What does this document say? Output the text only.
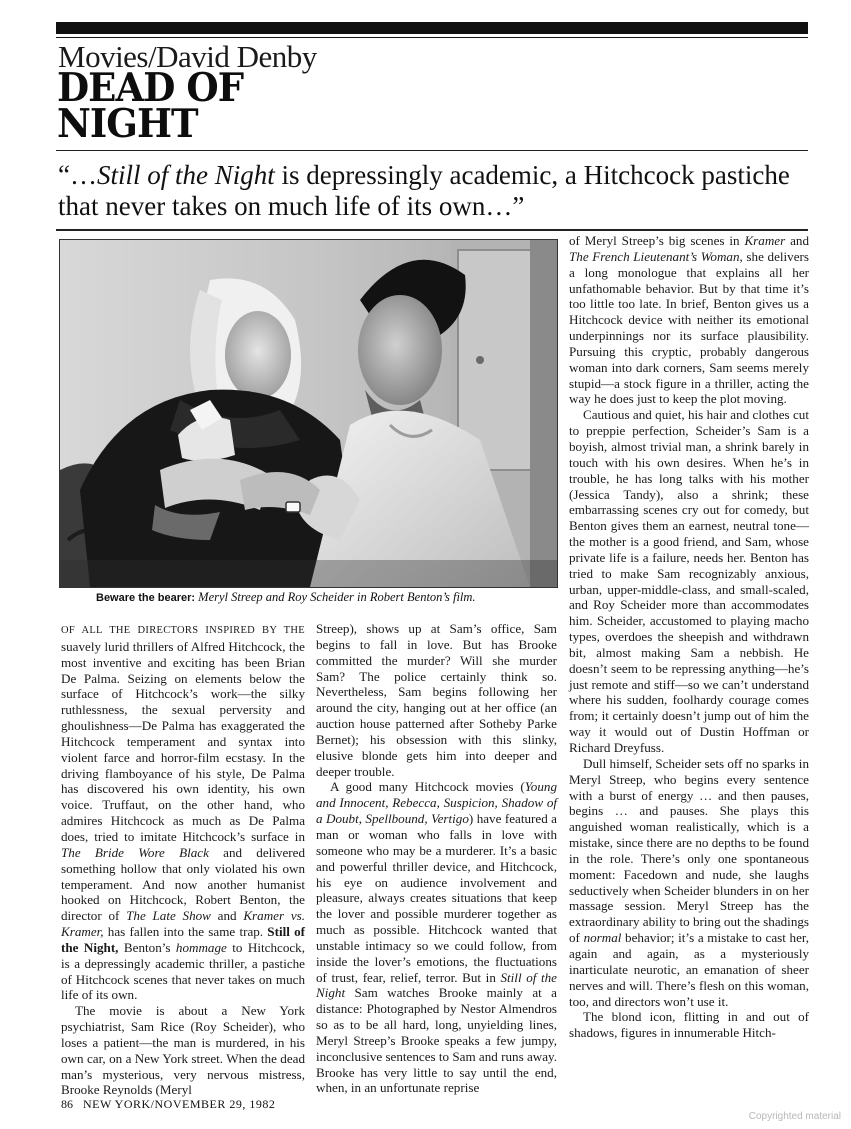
Movies/David Denby
DEAD OF
NIGHT

“…Still of the Night is depressingly academic, a Hitchcock pastiche that never takes on much life of its own…”

Beware the bearer: Meryl Streep and Roy Scheider in Robert Benton’s film.

OF ALL THE DIRECTORS INSPIRED BY THE suavely lurid thrillers of Alfred Hitchcock, the most inventive and exciting has been Brian De Palma. Seizing on elements below the surface of Hitchcock’s work—the silky ruthlessness, the sexual perversity and ghoulishness—De Palma has exaggerated the Hitchcock temperament and syntax into violent farce and horror-film ecstasy. In the driving flamboyance of his style, De Palma has discovered his own identity, his own voice. Truffaut, on the other hand, who admires Hitchcock as much as De Palma does, tried to imitate Hitchcock’s surface in The Bride Wore Black and delivered something hollow that only violated his own temperament. And now another humanist hooked on Hitchcock, Robert Benton, the director of The Late Show and Kramer vs. Kramer, has fallen into the same trap. Still of the Night, Benton’s hommage to Hitchcock, is a depressingly academic thriller, a pastiche of Hitchcock scenes that never takes on much life of its own.

The movie is about a New York psychiatrist, Sam Rice (Roy Scheider), who loses a patient—the man is murdered, in his own car, on a New York street. When the dead man’s mysterious, very nervous mistress, Brooke Reynolds (Meryl

Streep), shows up at Sam’s office, Sam begins to fall in love. But has Brooke committed the murder? Will she murder Sam? The police certainly think so. Nevertheless, Sam begins following her around the city, hanging out at her office (an auction house patterned after Sotheby Parke Bernet); his obsession with this slinky, elusive blonde gets him into deeper and deeper trouble.

A good many Hitchcock movies (Young and Innocent, Rebecca, Suspicion, Shadow of a Doubt, Spellbound, Vertigo) have featured a man or woman who falls in love with someone who may be a murderer. It’s a basic and powerful thriller device, and Hitchcock, his eye on audience involvement and pleasure, always creates situations that keep the lover and possible murderer together as much as possible. Hitchcock wanted that unstable intimacy so we could follow, from inside the lover’s emotions, the fluctuations of trust, fear, relief, terror. But in Still of the Night Sam watches Brooke mainly at a distance: Photographed by Nestor Almendros so as to be all hard, long, unyielding lines, Meryl Streep’s Brooke speaks a few jumpy, inconclusive sentences to Sam and runs away. Brooke has very little to say until the end, when, in an unfortunate reprise

of Meryl Streep’s big scenes in Kramer and The French Lieutenant’s Woman, she delivers a long monologue that explains all her unfathomable behavior. But by that time it’s too little too late. In brief, Benton gives us a Hitchcock device with neither its emotional underpinnings nor its surface plausibility. Pursuing this cryptic, probably dangerous woman into dark corners, Sam seems merely stupid—a stock figure in a thriller, acting the way he does just to keep the plot moving.

Cautious and quiet, his hair and clothes cut to preppie perfection, Scheider’s Sam is a boyish, almost trivial man, a shrink barely in touch with his own desires. When he’s in trouble, he has long talks with his mother (Jessica Tandy), also a shrink; these embarrassing scenes cry out for comedy, but Benton gives them an earnest, neutral tone—the mother is a good friend, and Sam, whose private life is a failure, needs her. Benton has tried to make Sam recognizably anxious, urban, upper-middle-class, and small-scaled, and Roy Scheider more than accommodates him. Scheider, accustomed to playing macho types, overdoes the sheepish and withdrawn bit, almost making Sam a nebbish. He doesn’t seem to be repressing anything—he’s just remote and stiff—so we can’t understand where his sudden, foolhardy courage comes from; it certainly doesn’t jump out of him the way it would out of Dustin Hoffman or Richard Dreyfuss.

Dull himself, Scheider sets off no sparks in Meryl Streep, who begins every sentence with a burst of energy … and then pauses, begins … and pauses. She plays this anguished woman realistically, which is a mistake, since there are no depths to be found in the role. There’s only one spontaneous moment: Facedown and nude, she laughs seductively when Scheider blunders in on her massage session. Meryl Streep has the extraordinary ability to bring out the shadings of normal behavior; it’s a mistake to cast her, again and again, as a mysteriously inarticulate neurotic, an emanation of sheer nerves and will. There’s flesh on this woman, too, and directors won’t use it.

The blond icon, flitting in and out of shadows, figures in innumerable Hitch-

86 NEW YORK/NOVEMBER 29, 1982

Copyrighted material
